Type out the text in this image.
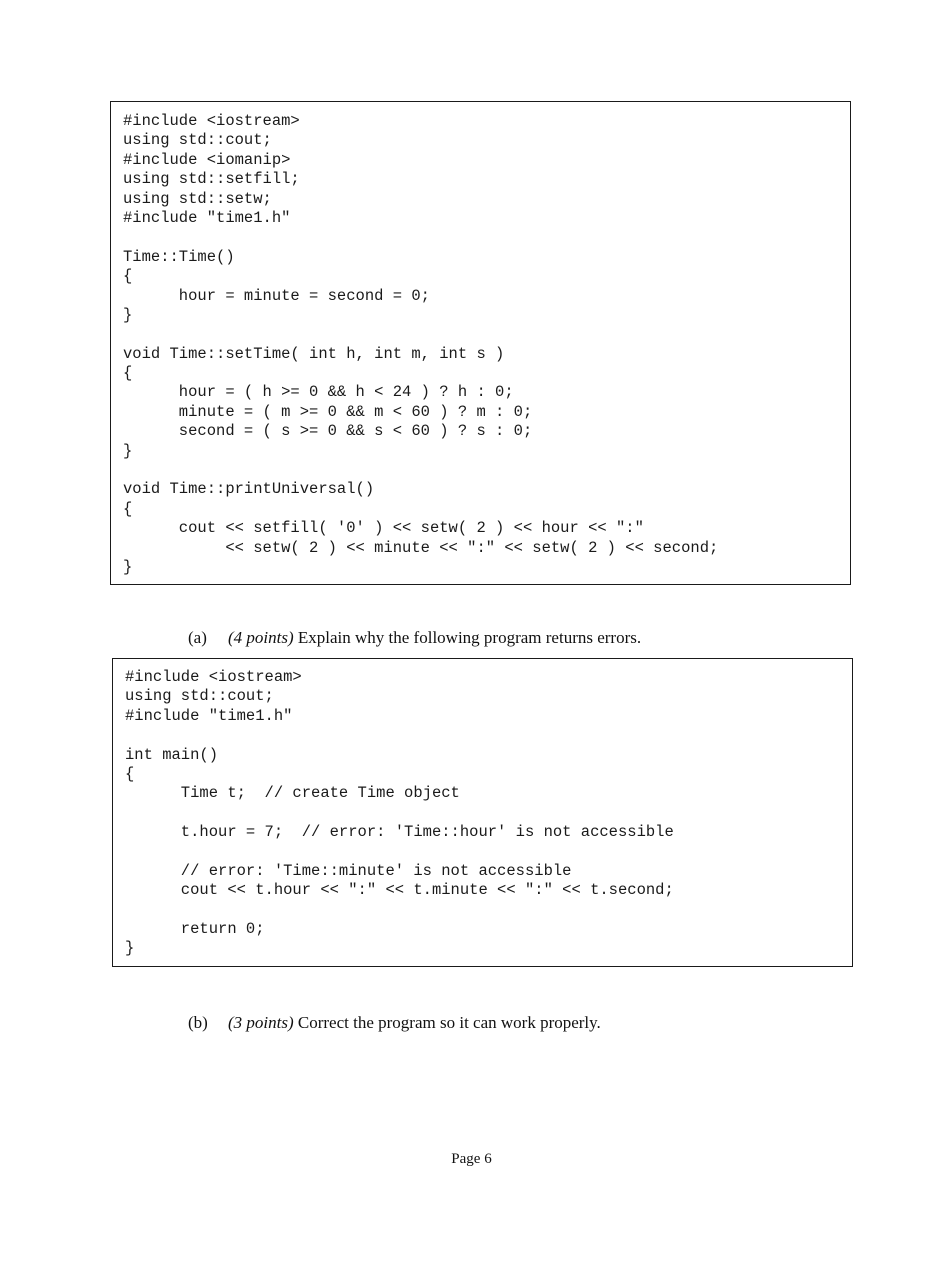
#include <iostream>
using std::cout;
#include <iomanip>
using std::setfill;
using std::setw;
#include "time1.h"
Time::Time()
{
hour = minute = second = 0;
}
void Time::setTime( int h, int m, int s )
{
hour = ( h >= 0 && h < 24 ) ? h : 0;
minute = ( m >= 0 && m < 60 ) ? m : 0;
second = ( s >= 0 && s < 60 ) ? s : 0;
}
void Time::printUniversal()
{
cout << setfill( '0' ) << setw( 2 ) << hour << ":"
<< setw( 2 ) << minute << ":" << setw( 2 ) << second;
}
(a) (4 points) Explain why the following program returns errors.
#include <iostream>
using std::cout;
#include "time1.h"
int main()
{
Time t;  // create Time object
t.hour = 7;  // error: 'Time::hour' is not accessible
// error: 'Time::minute' is not accessible
cout << t.hour << ":" << t.minute << ":" << t.second;
return 0;
}
(b) (3 points) Correct the program so it can work properly.
Page 6
